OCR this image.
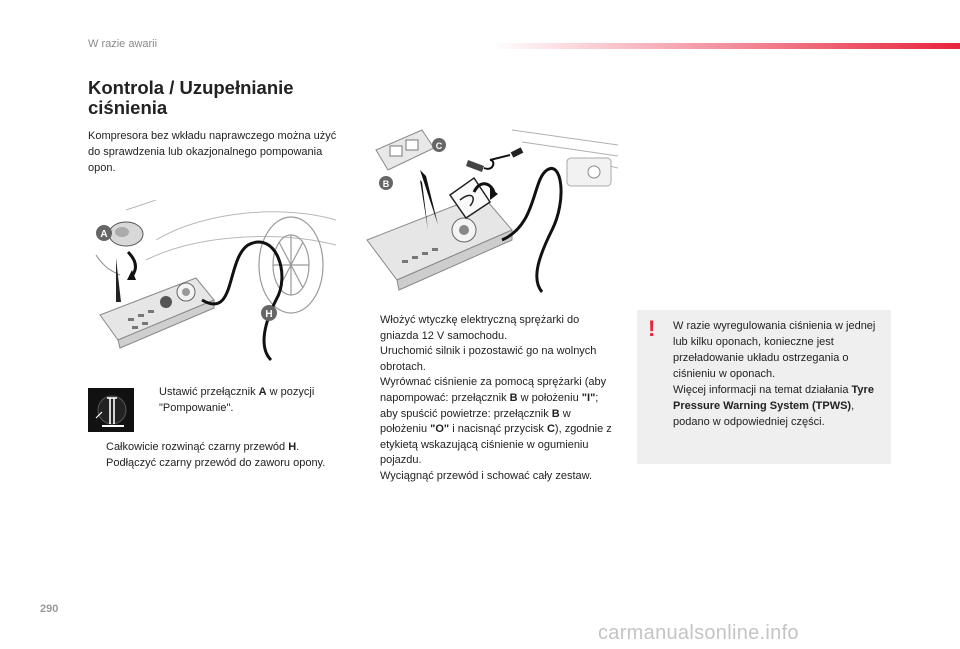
W razie awarii
Kontrola / Uzupełnianie
ciśnienia
Kompresora bez wkładu naprawczego można użyć do sprawdzenia lub okazjonalnego pompowania opon.
A
H
C
B
Ustawić przełącznik A w pozycji "Pompowanie".
Całkowicie rozwinąć czarny przewód H.
Podłączyć czarny przewód do zaworu opony.
Włożyć wtyczkę elektryczną sprężarki do gniazda 12 V samochodu.
Uruchomić silnik i pozostawić go na wolnych obrotach.
Wyrównać ciśnienie za pomocą sprężarki (aby napompować: przełącznik B w położeniu "I"; aby spuścić powietrze: przełącznik B w położeniu "O" i nacisnąć przycisk C), zgodnie z etykietą wskazującą ciśnienie w ogumieniu pojazdu.
Wyciągnąć przewód i schować cały zestaw.
! W razie wyregulowania ciśnienia w jednej lub kilku oponach, konieczne jest przeładowanie układu ostrzegania o ciśnieniu w oponach.
Więcej informacji na temat działania Tyre Pressure Warning System (TPWS), podano w odpowiedniej części.
290
carmanualsonline.info
